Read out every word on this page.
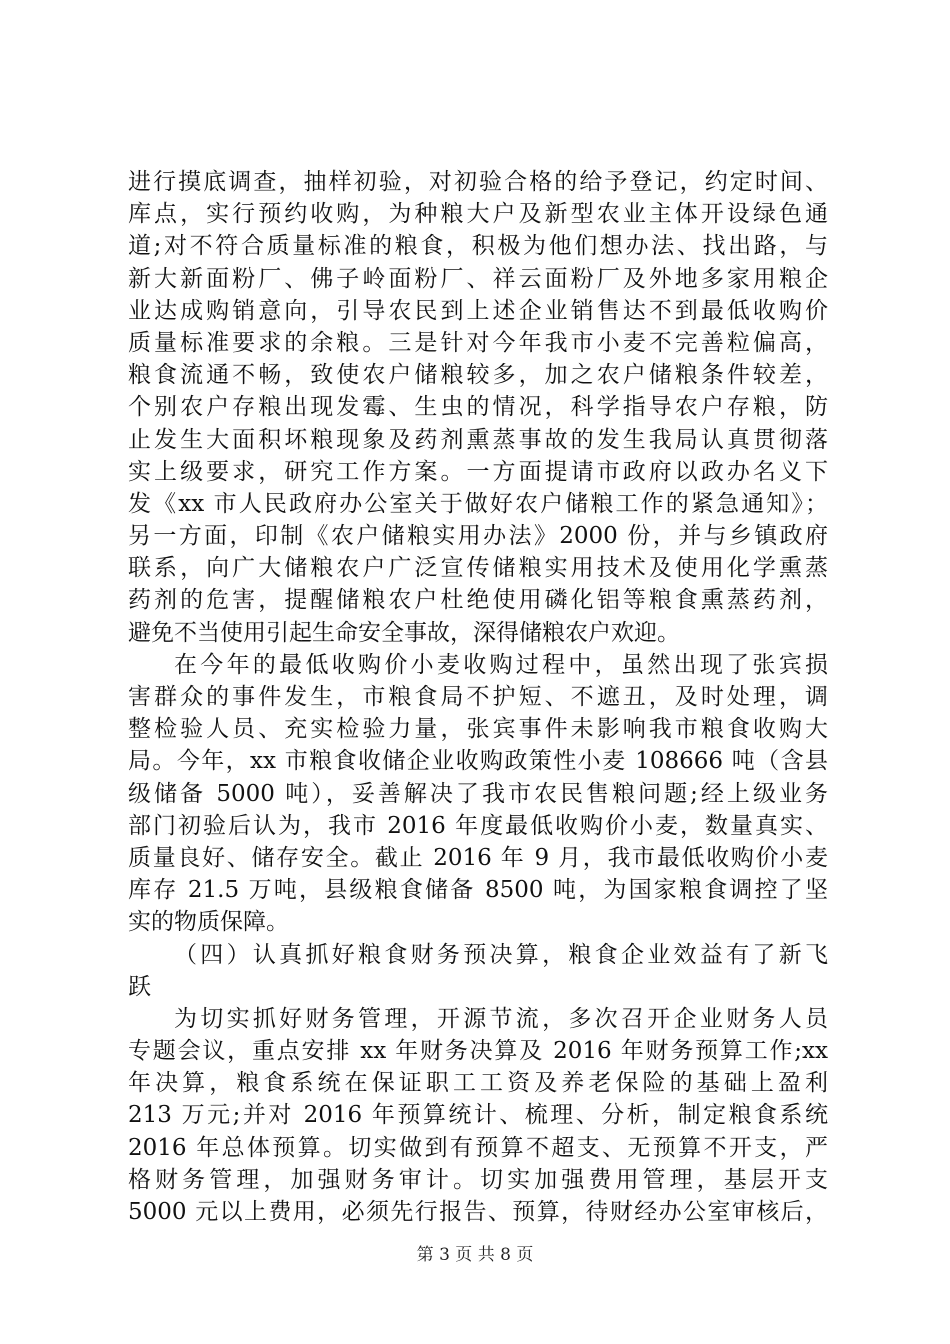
进行摸底调查，抽样初验，对初验合格的给予登记，约定时间、
库点，实行预约收购，为种粮大户及新型农业主体开设绿色通
道;对不符合质量标准的粮食，积极为他们想办法、找出路，与
新大新面粉厂、佛子岭面粉厂、祥云面粉厂及外地多家用粮企
业达成购销意向，引导农民到上述企业销售达不到最低收购价
质量标准要求的余粮。三是针对今年我市小麦不完善粒偏高，
粮食流通不畅，致使农户储粮较多，加之农户储粮条件较差，
个别农户存粮出现发霉、生虫的情况，科学指导农户存粮，防
止发生大面积坏粮现象及药剂熏蒸事故的发生我局认真贯彻落
实上级要求，研究工作方案。一方面提请市政府以政办名义下
发《xx 市人民政府办公室关于做好农户储粮工作的紧急通知》；
另一方面，印制《农户储粮实用办法》2000 份，并与乡镇政府
联系，向广大储粮农户广泛宣传储粮实用技术及使用化学熏蒸
药剂的危害，提醒储粮农户杜绝使用磷化铝等粮食熏蒸药剂，
避免不当使用引起生命安全事故，深得储粮农户欢迎。
在今年的最低收购价小麦收购过程中，虽然出现了张宾损
害群众的事件发生，市粮食局不护短、不遮丑，及时处理，调
整检验人员、充实检验力量，张宾事件未影响我市粮食收购大
局。今年，xx 市粮食收储企业收购政策性小麦 108666 吨（含县
级储备 5000 吨），妥善解决了我市农民售粮问题;经上级业务
部门初验后认为，我市 2016 年度最低收购价小麦，数量真实、
质量良好、储存安全。截止 2016 年 9 月，我市最低收购价小麦
库存 21.5 万吨，县级粮食储备 8500 吨，为国家粮食调控了坚
实的物质保障。
（四）认真抓好粮食财务预决算，粮食企业效益有了新飞
跃
为切实抓好财务管理，开源节流，多次召开企业财务人员
专题会议，重点安排 xx 年财务决算及 2016 年财务预算工作;xx
年决算，粮食系统在保证职工工资及养老保险的基础上盈利
213 万元;并对 2016 年预算统计、梳理、分析，制定粮食系统
2016 年总体预算。切实做到有预算不超支、无预算不开支，严
格财务管理，加强财务审计。切实加强费用管理，基层开支
5000 元以上费用，必须先行报告、预算，待财经办公室审核后，
第 3 页 共 8 页
